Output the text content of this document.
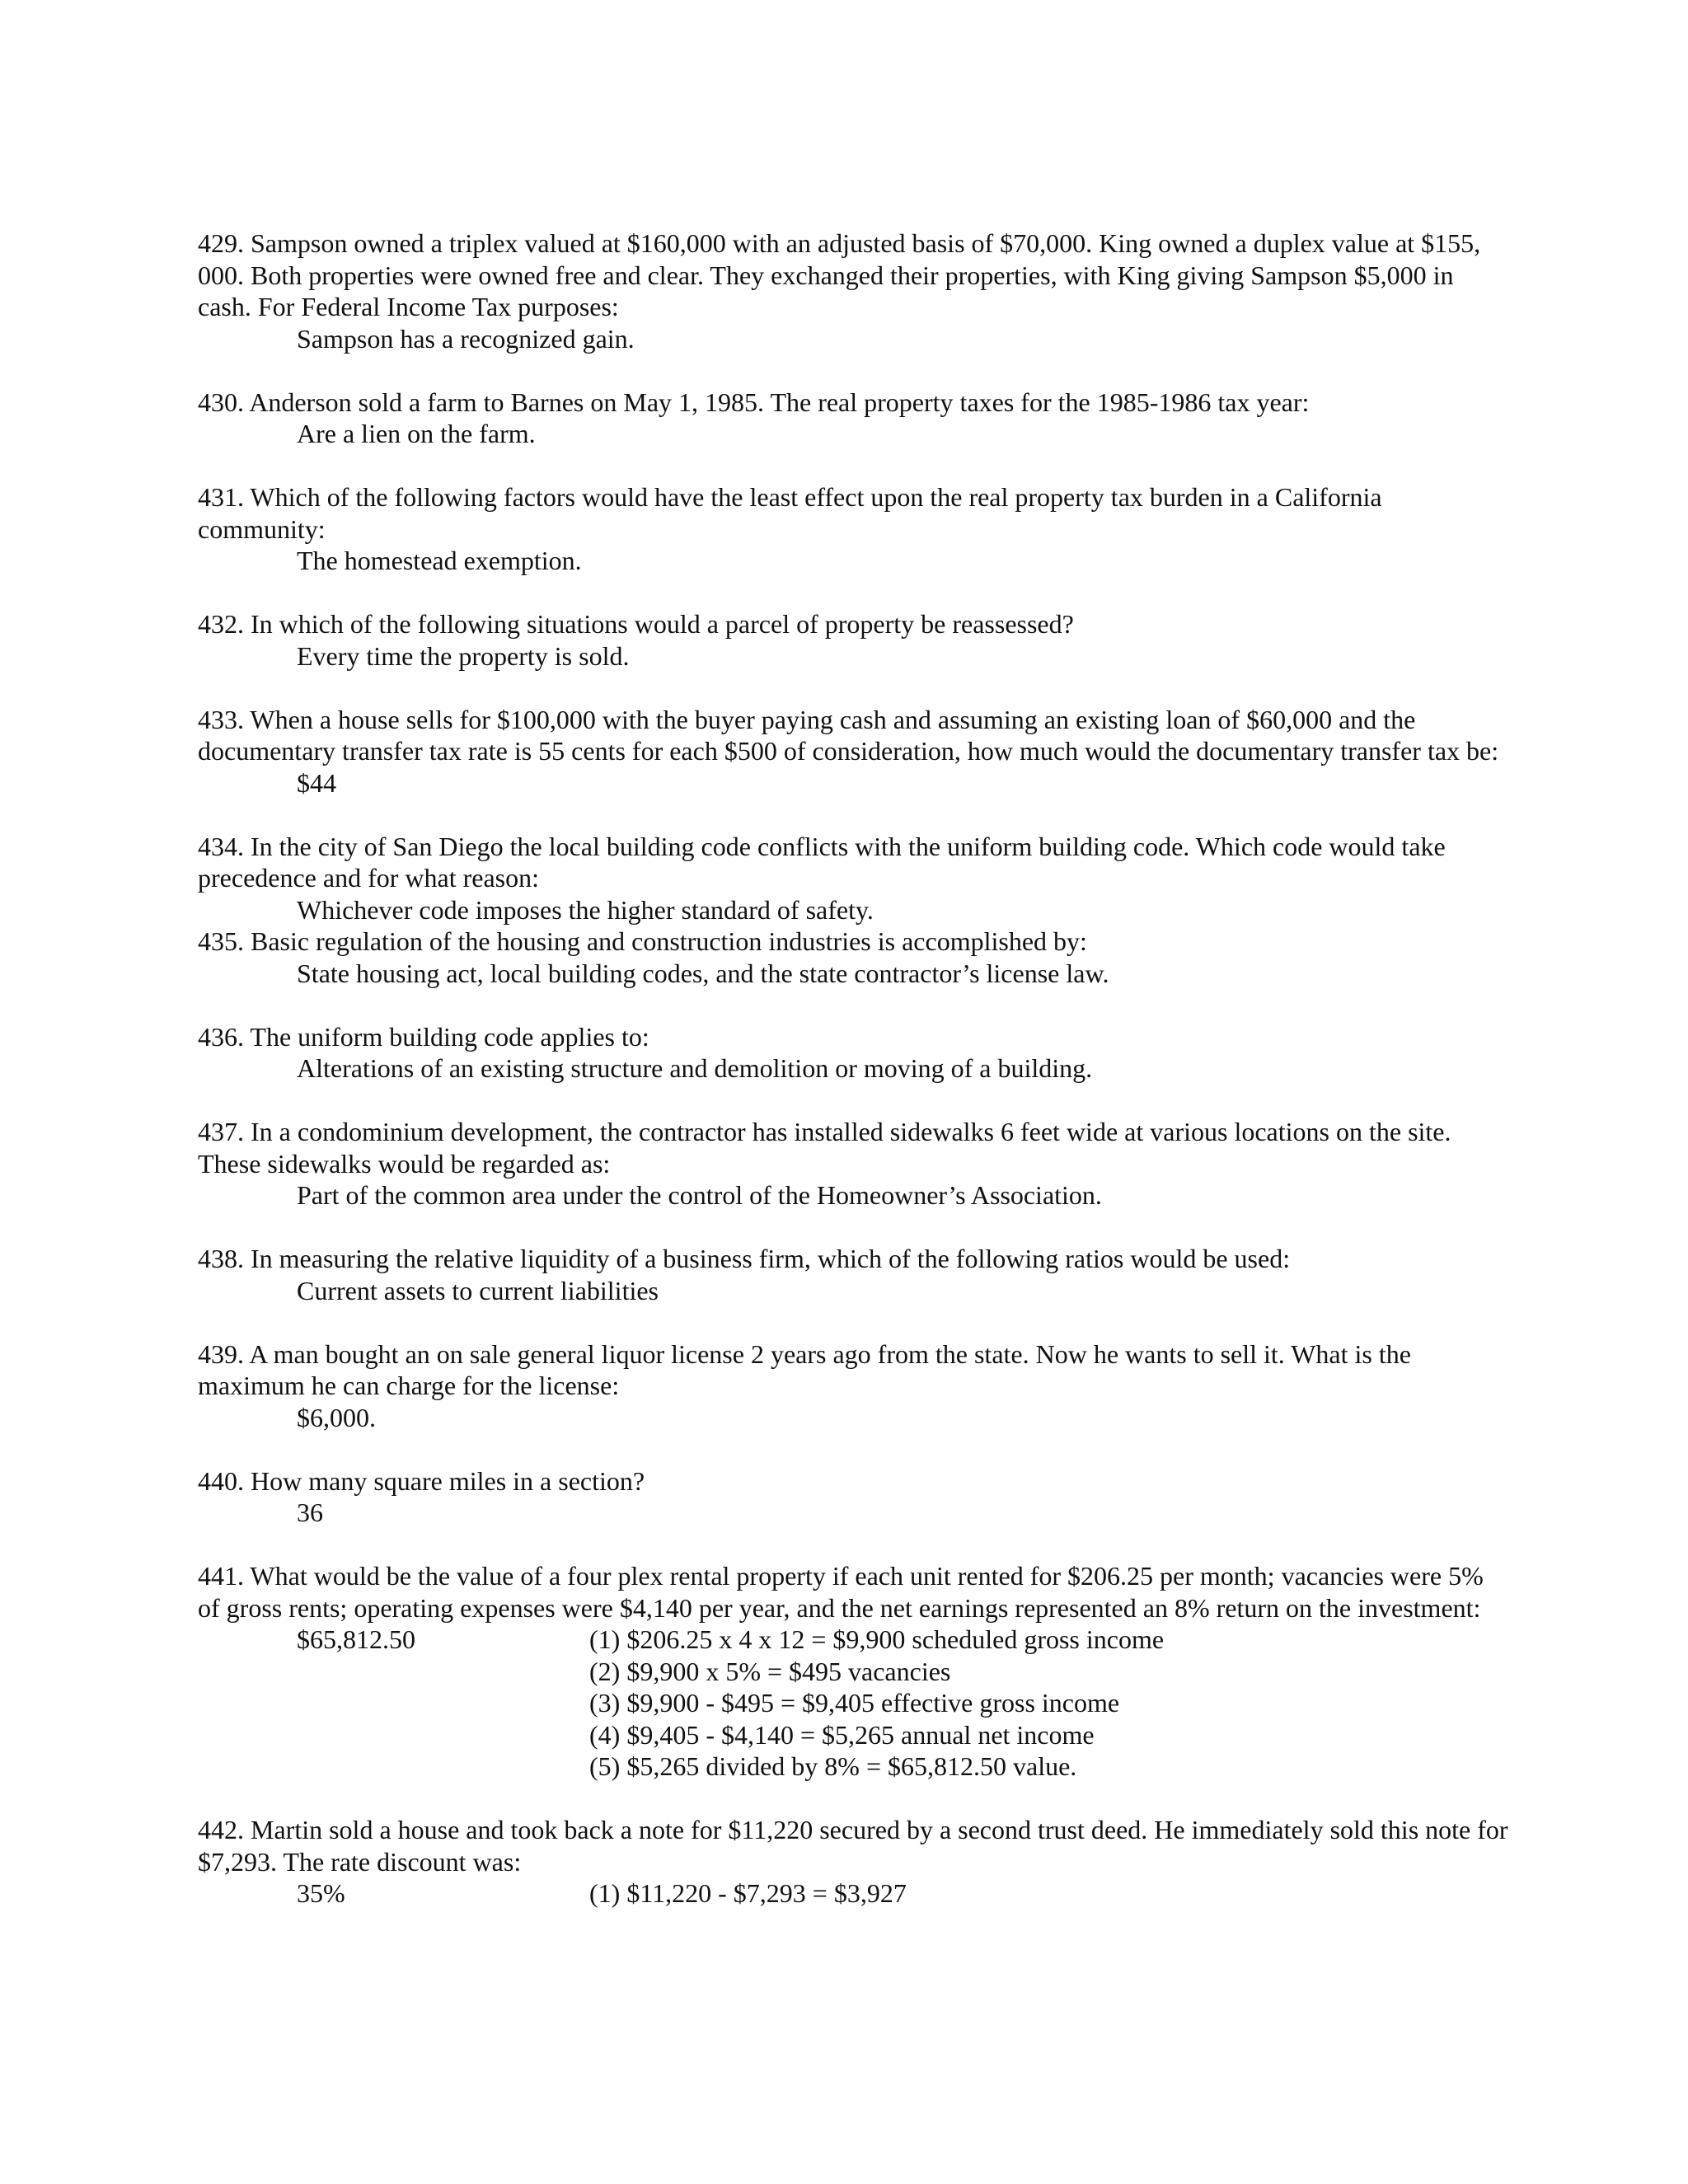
429. Sampson owned a triplex valued at $160,000 with an adjusted basis of $70,000. King owned a duplex value at $155, 000. Both properties were owned free and clear. They exchanged their properties, with King giving Sampson $5,000 in cash. For Federal Income Tax purposes:
Sampson has a recognized gain.
430. Anderson sold a farm to Barnes on May 1, 1985. The real property taxes for the 1985-1986 tax year:
Are a lien on the farm.
431. Which of the following factors would have the least effect upon the real property tax burden in a California community:
The homestead exemption.
432. In which of the following situations would a parcel of property be reassessed?
Every time the property is sold.
433. When a house sells for $100,000 with the buyer paying cash and assuming an existing loan of $60,000 and the documentary transfer tax rate is 55 cents for each $500 of consideration, how much would the documentary transfer tax be:
$44
434. In the city of San Diego the local building code conflicts with the uniform building code. Which code would take precedence and for what reason:
Whichever code imposes the higher standard of safety.
435. Basic regulation of the housing and construction industries is accomplished by:
State housing act, local building codes, and the state contractor’s license law.
436. The uniform building code applies to:
Alterations of an existing structure and demolition or moving of a building.
437. In a condominium development, the contractor has installed sidewalks 6 feet wide at various locations on the site. These sidewalks would be regarded as:
Part of the common area under the control of the Homeowner’s Association.
438. In measuring the relative liquidity of a business firm, which of the following ratios would be used:
Current assets to current liabilities
439. A man bought an on sale general liquor license 2 years ago from the state. Now he wants to sell it. What is the maximum he can charge for the license:
$6,000.
440. How many square miles in a section?
36
441. What would be the value of a four plex rental property if each unit rented for $206.25 per month; vacancies were 5% of gross rents; operating expenses were $4,140 per year, and the net earnings represented an 8% return on the investment:
$65,812.50	(1) $206.25 x 4 x 12 = $9,900 scheduled gross income
(2) $9,900 x 5% = $495 vacancies
(3) $9,900 - $495 = $9,405 effective gross income
(4) $9,405 - $4,140 = $5,265 annual net income
(5) $5,265 divided by 8% = $65,812.50 value.
442. Martin sold a house and took back a note for $11,220 secured by a second trust deed. He immediately sold this note for $7,293. The rate discount was:
35%	(1) $11,220 - $7,293 = $3,927
